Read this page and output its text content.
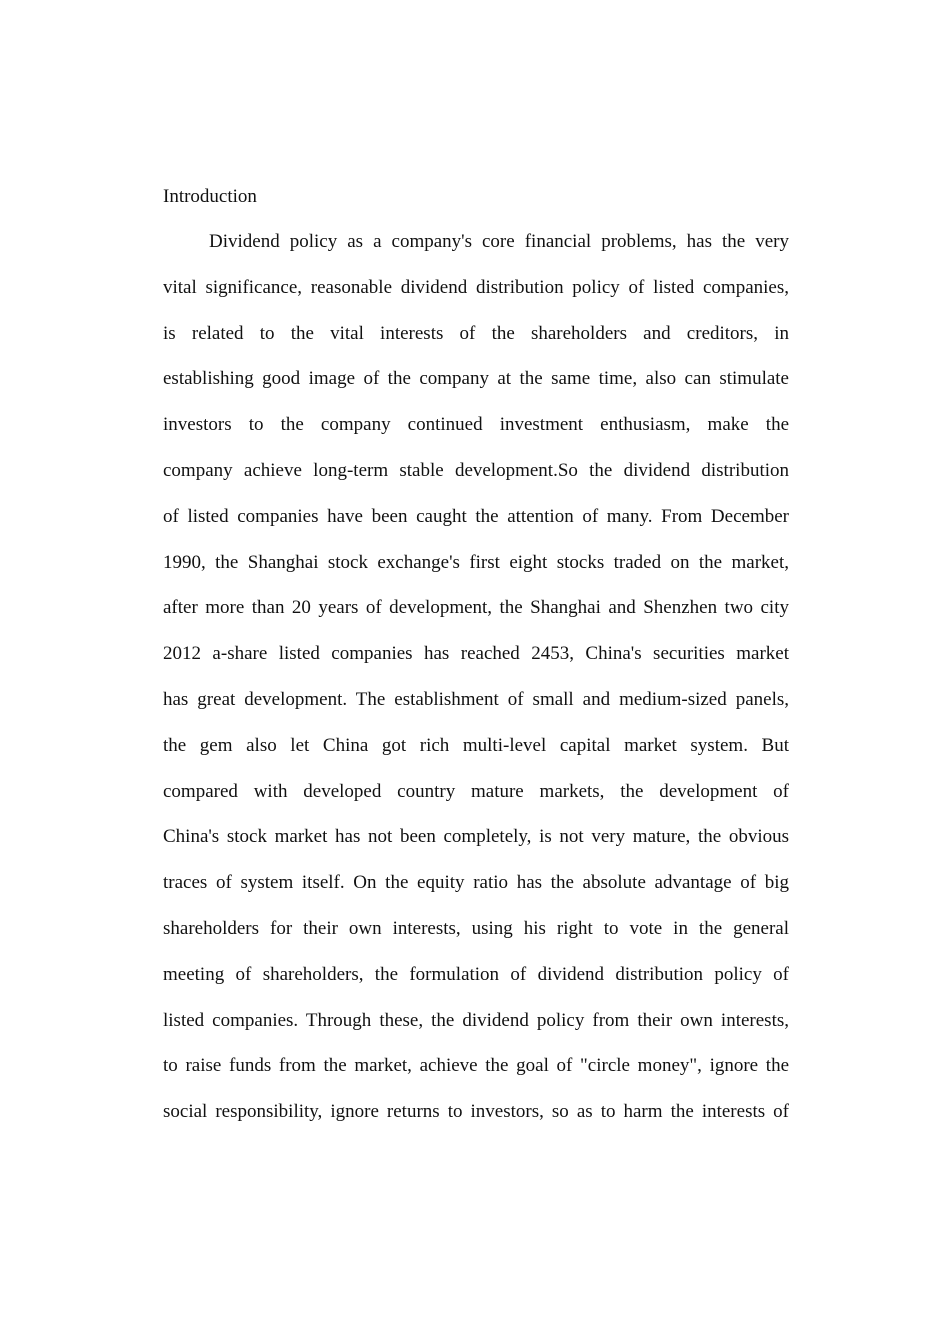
Introduction
Dividend policy as a company's core financial problems, has the very
vital significance, reasonable dividend distribution policy of listed companies,
is related to the vital interests of the shareholders and creditors, in
establishing good image of the company at the same time, also can stimulate
investors to the company continued investment enthusiasm, make the
company achieve long-term stable development.So the dividend distribution
of listed companies have been caught the attention of many. From December
1990, the Shanghai stock exchange's first eight stocks traded on the market,
after more than 20 years of development, the Shanghai and Shenzhen two city
2012 a-share listed companies has reached 2453, China's securities market
has great development. The establishment of small and medium-sized panels,
the gem also let China got rich multi-level capital market system. But
compared with developed country mature markets, the development of
China's stock market has not been completely, is not very mature, the obvious
traces of system itself. On the equity ratio has the absolute advantage of big
shareholders for their own interests, using his right to vote in the general
meeting of shareholders, the formulation of dividend distribution policy of
listed companies. Through these, the dividend policy from their own interests,
to raise funds from the market, achieve the goal of "circle money", ignore the
social responsibility, ignore returns to investors, so as to harm the interests of
